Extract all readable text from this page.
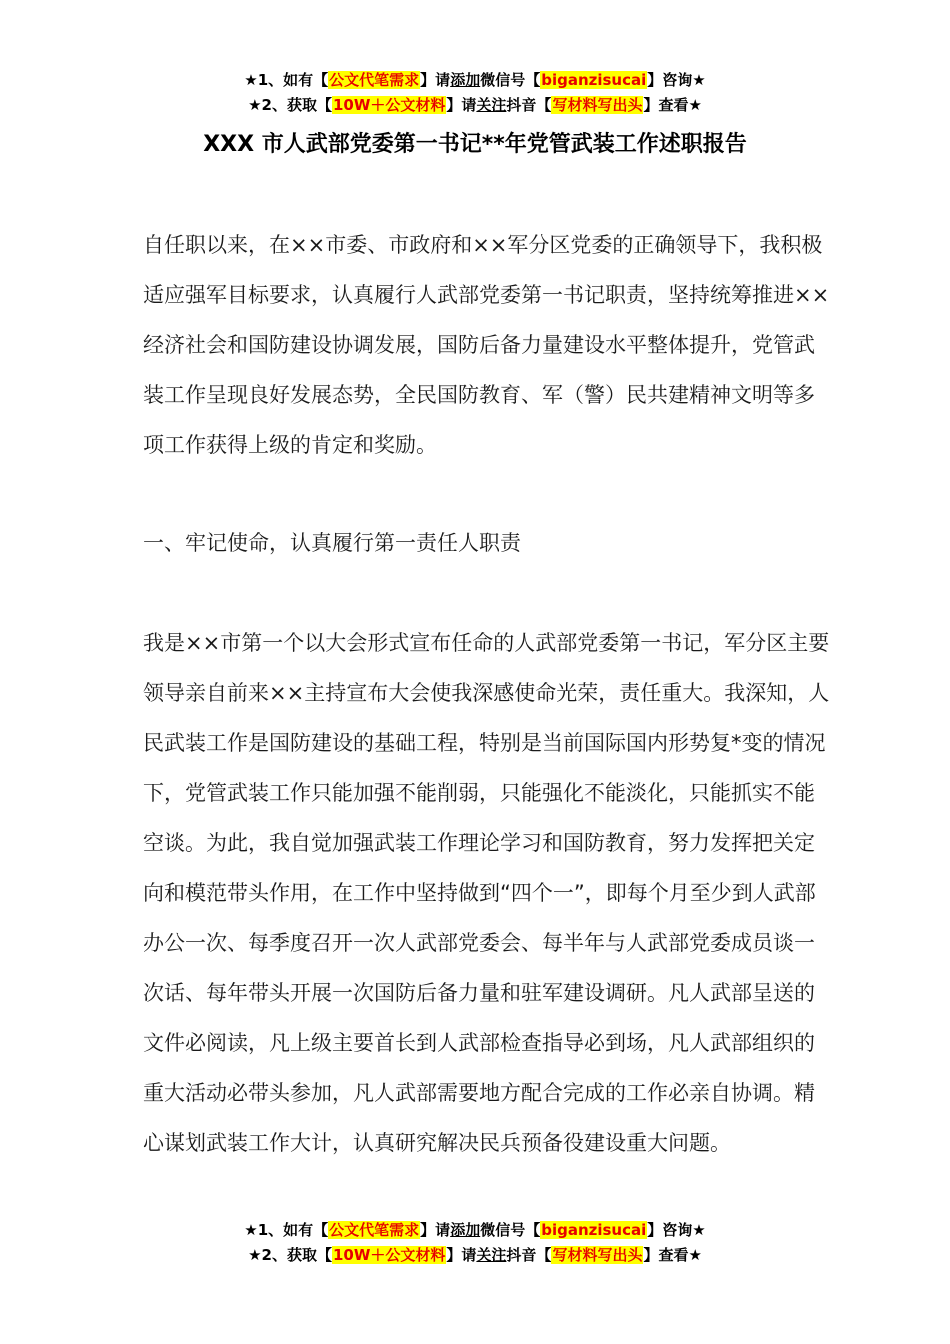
★1、如有【公文代笔需求】请添加微信号【biganzisucai】咨询★
★2、获取【10W＋公文材料】请关注抖音【写材料写出头】查看★
XXX 市人武部党委第一书记**年党管武装工作述职报告

自任职以来，在××市委、市政府和××军分区党委的正确领导下，我积极适应强军目标要求，认真履行人武部党委第一书记职责，坚持统筹推进××经济社会和国防建设协调发展，国防后备力量建设水平整体提升，党管武装工作呈现良好发展态势，全民国防教育、军（警）民共建精神文明等多项工作获得上级的肯定和奖励。

一、牢记使命，认真履行第一责任人职责

我是××市第一个以大会形式宣布任命的人武部党委第一书记，军分区主要领导亲自前来××主持宣布大会使我深感使命光荣，责任重大。我深知，人民武装工作是国防建设的基础工程，特别是当前国际国内形势复*变的情况下，党管武装工作只能加强不能削弱，只能强化不能淡化，只能抓实不能空谈。为此，我自觉加强武装工作理论学习和国防教育，努力发挥把关定向和模范带头作用，在工作中坚持做到“四个一”，即每个月至少到人武部办公一次、每季度召开一次人武部党委会、每半年与人武部党委成员谈一次话、每年带头开展一次国防后备力量和驻军建设调研。凡人武部呈送的文件必阅读，凡上级主要首长到人武部检查指导必到场，凡人武部组织的重大活动必带头参加，凡人武部需要地方配合完成的工作必亲自协调。精心谋划武装工作大计，认真研究解决民兵预备役建设重大问题。

★1、如有【公文代笔需求】请添加微信号【biganzisucai】咨询★
★2、获取【10W＋公文材料】请关注抖音【写材料写出头】查看★
